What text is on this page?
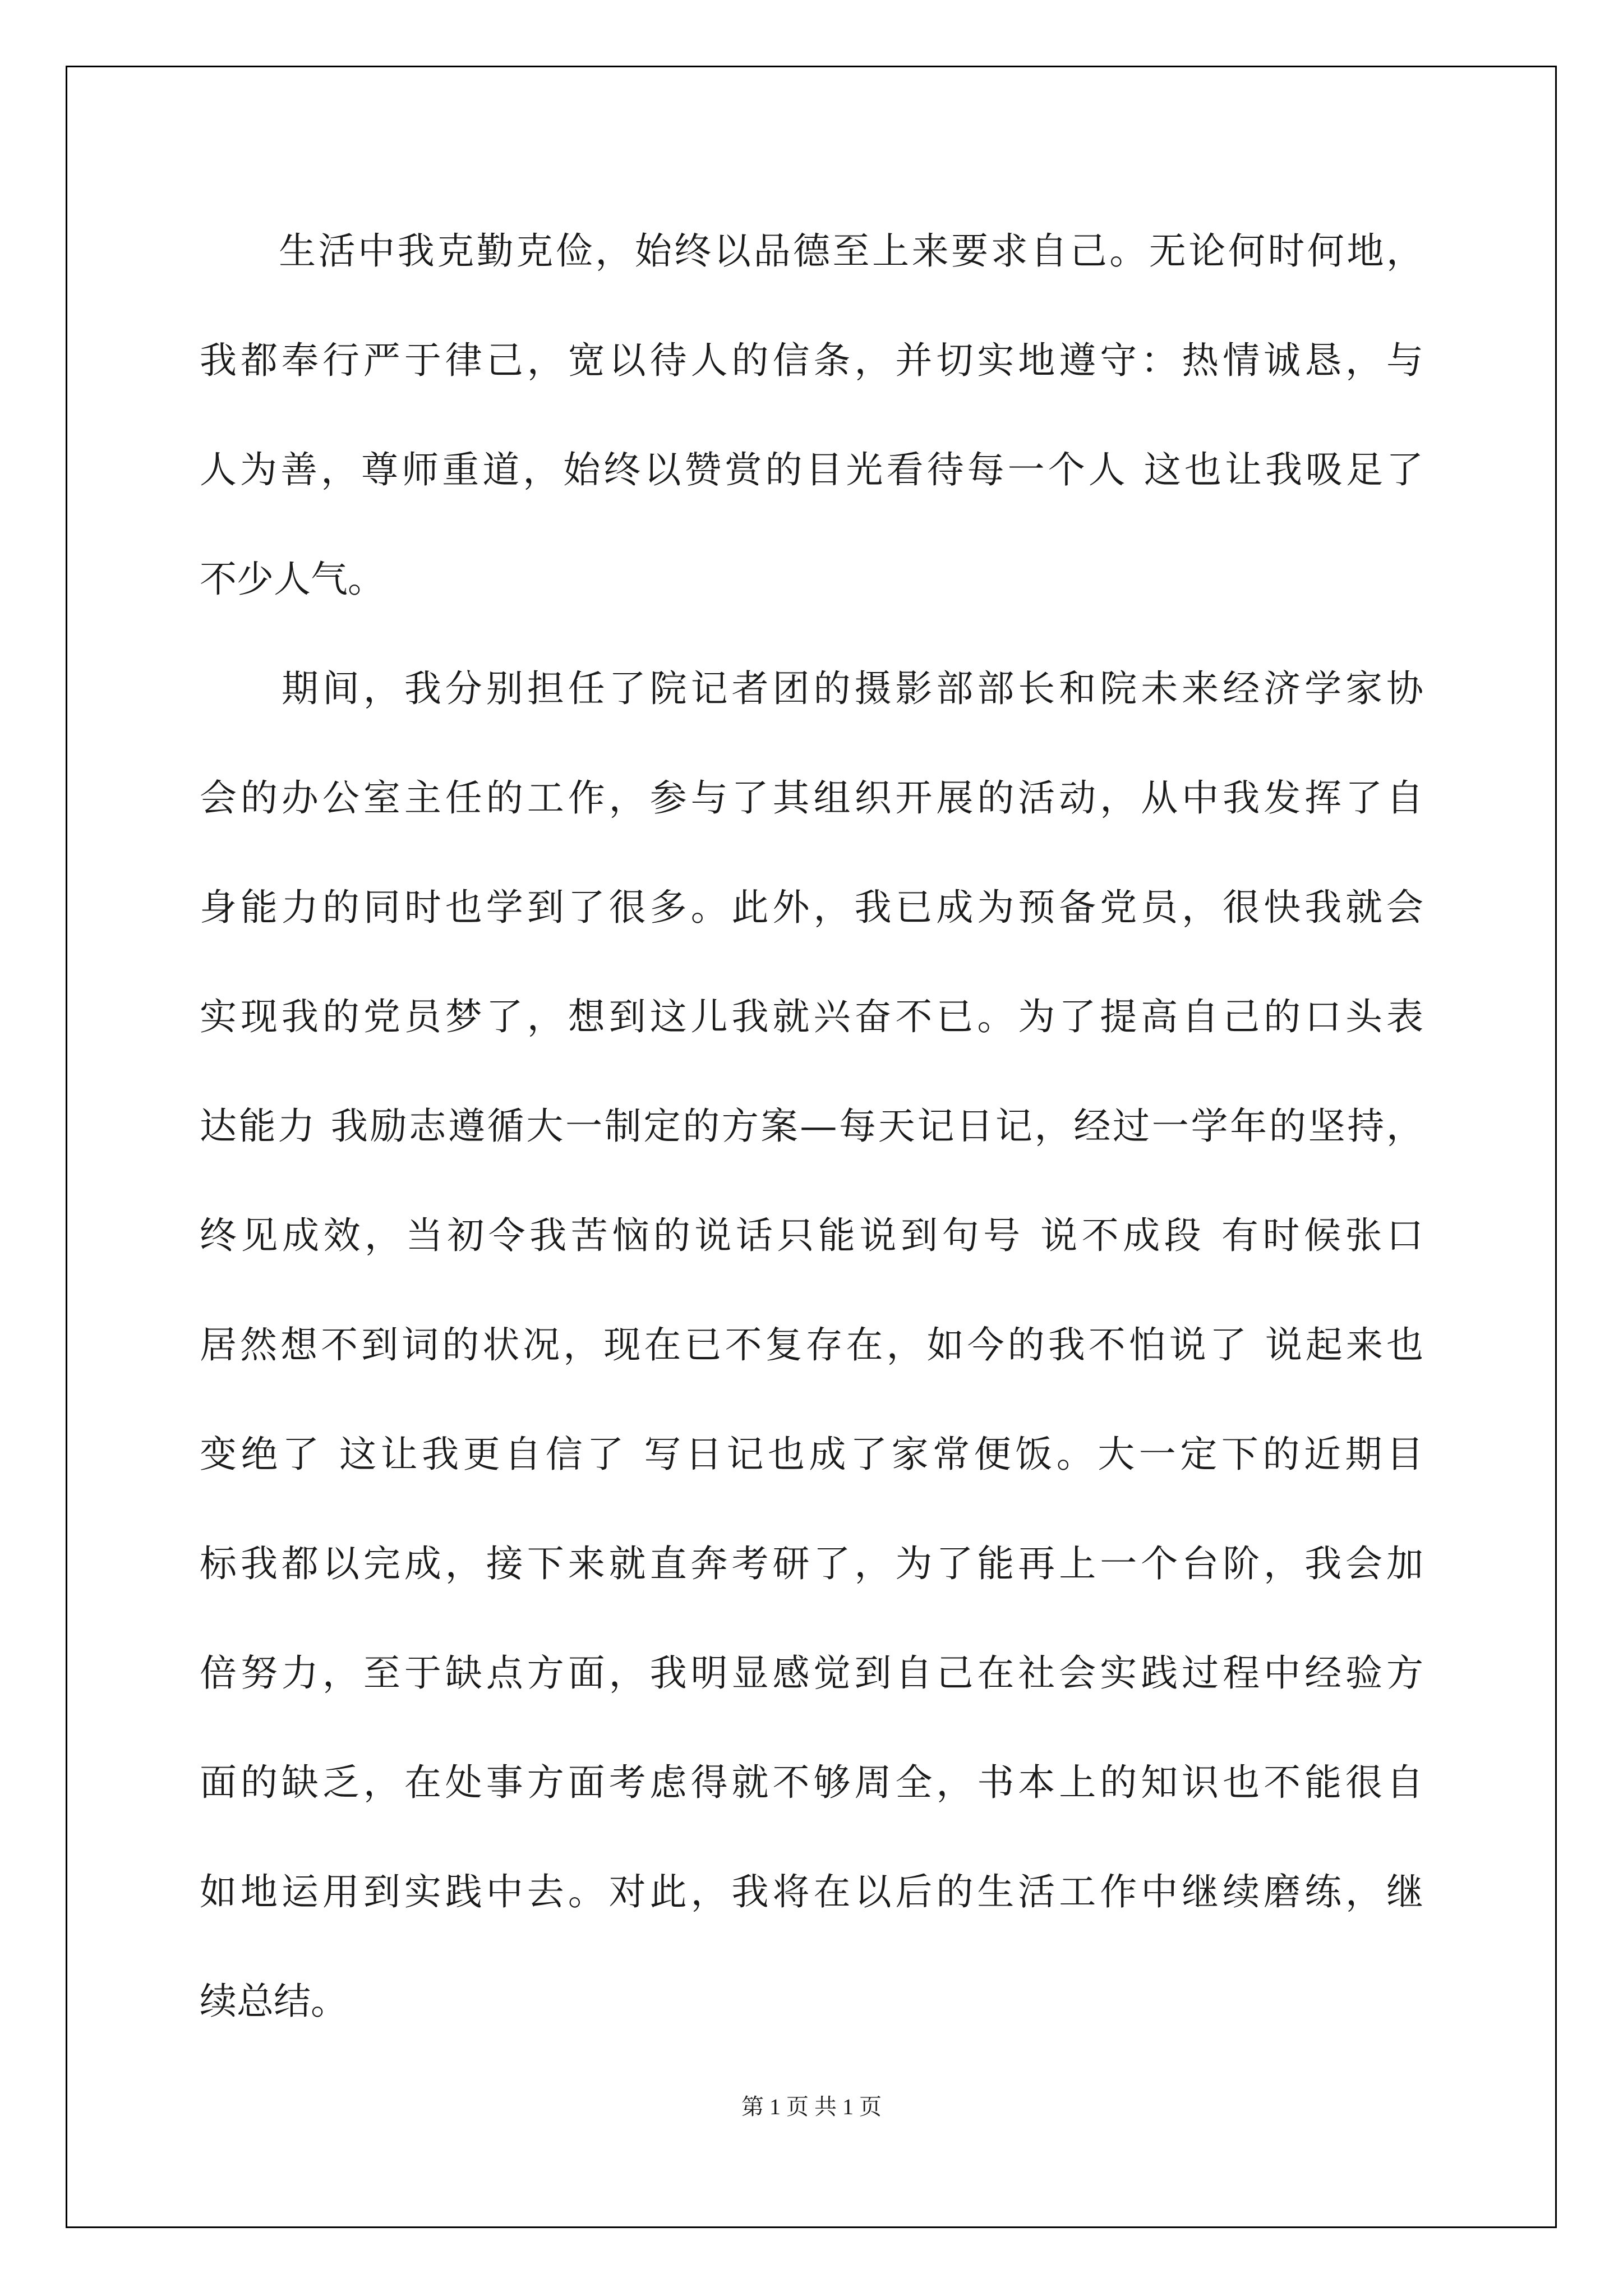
　　生活中我克勤克俭，始终以品德至上来要求自己。无论何时何地，
我都奉行严于律己，宽以待人的信条，并切实地遵守：热情诚恳，与
人为善，尊师重道，始终以赞赏的目光看待每一个人 这也让我吸足了
不少人气。
　　期间，我分别担任了院记者团的摄影部部长和院未来经济学家协
会的办公室主任的工作，参与了其组织开展的活动，从中我发挥了自
身能力的同时也学到了很多。此外，我已成为预备党员，很快我就会
实现我的党员梦了，想到这儿我就兴奋不已。为了提高自己的口头表
达能力 我励志遵循大一制定的方案—每天记日记，经过一学年的坚持，
终见成效，当初令我苦恼的说话只能说到句号 说不成段 有时候张口
居然想不到词的状况，现在已不复存在，如今的我不怕说了 说起来也
变绝了 这让我更自信了 写日记也成了家常便饭。大一定下的近期目
标我都以完成，接下来就直奔考研了，为了能再上一个台阶，我会加
倍努力，至于缺点方面，我明显感觉到自己在社会实践过程中经验方
面的缺乏，在处事方面考虑得就不够周全，书本上的知识也不能很自
如地运用到实践中去。对此，我将在以后的生活工作中继续磨练，继
续总结。
第 1 页 共 1 页
